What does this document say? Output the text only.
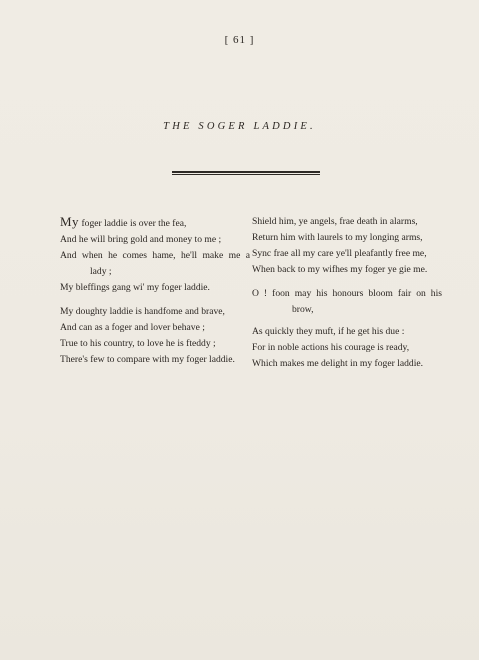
[ 61 ]
THE SOGER LADDIE.
My foger laddie is over the fea,
And he will bring gold and money to me ;
And when he comes hame, he'll make me a
lady ;
My bleffings gang wi' my foger laddie.
My doughty laddie is handfome and brave,
And can as a foger and lover behave ;
True to his country, to love he is fteddy ;
There's few to compare with my foger laddie.
Shield him, ye angels, frae death in alarms,
Return him with laurels to my longing arms,
Sync frae all my care ye'll pleafantly free me,
When back to my wifhes my foger ye gie me.
O ! foon may his honours bloom fair on his
brow,
As quickly they muft, if he get his due :
For in noble actions his courage is ready,
Which makes me delight in my foger laddie.
